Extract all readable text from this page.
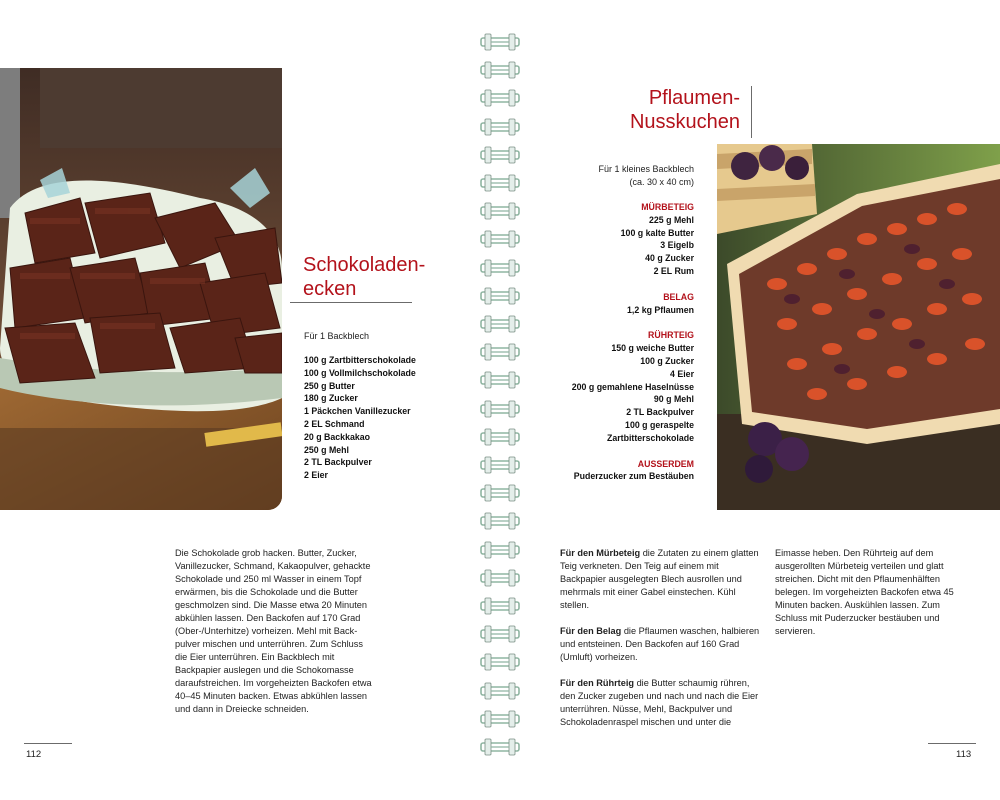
Schokoladen-
ecken
Für 1 Backblech
100 g Zartbitterschokolade
100 g Vollmilchschokolade
250 g Butter
180 g Zucker
1 Päckchen Vanillezucker
2 EL Schmand
20 g Backkakao
250 g Mehl
2 TL Backpulver
2 Eier
Die Schokolade grob hacken. Butter, Zucker, Vanillezucker, Schmand, Kakaopulver, gehackte Schokolade und 250 ml Wasser in einem Topf erwärmen, bis die Schokolade und die Butter geschmolzen sind. Die Masse etwa 20 Minuten abkühlen lassen. Den Backofen auf 170 Grad (Ober-/Unterhitze) vorheizen. Mehl mit Backpulver mischen und unterrühren. Zum Schluss die Eier unterrühren. Ein Backblech mit Backpapier auslegen und die Schokomasse daraufstreichen. Im vorgeheizten Backofen etwa 40–45 Minuten backen. Etwas abkühlen lassen und dann in Dreiecke schneiden.
112
Pflaumen-
Nusskuchen
Für 1 kleines Backblech
(ca. 30 x 40 cm)
MÜRBETEIG
225 g Mehl
100 g kalte Butter
3 Eigelb
40 g Zucker
2 EL Rum
BELAG
1,2 kg Pflaumen
RÜHRTEIG
150 g weiche Butter
100 g Zucker
4 Eier
200 g gemahlene Haselnüsse
90 g Mehl
2 TL Backpulver
100 g geraspelte
Zartbitterschokolade
AUSSERDEM
Puderzucker zum Bestäuben

Für den Mürbeteig die Zutaten zu einem glatten Teig verkneten. Den Teig auf einem mit Backpapier ausgelegten Blech ausrollen und mehrmals mit einer Gabel einstechen. Kühl stellen.

Für den Belag die Pflaumen waschen, halbieren und entsteinen. Den Backofen auf 160 Grad (Umluft) vorheizen.

Für den Rührteig die Butter schaumig rühren, den Zucker zugeben und nach und nach die Eier unterrühren. Nüsse, Mehl, Backpulver und Schokoladenraspel mischen und unter die

Eimasse heben. Den Rührteig auf dem ausgerollten Mürbeteig verteilen und glatt streichen. Dicht mit den Pflaumenhälften belegen. Im vorgeheizten Backofen etwa 45 Minuten backen. Auskühlen lassen. Zum Schluss mit Puderzucker bestäuben und servieren.
113
